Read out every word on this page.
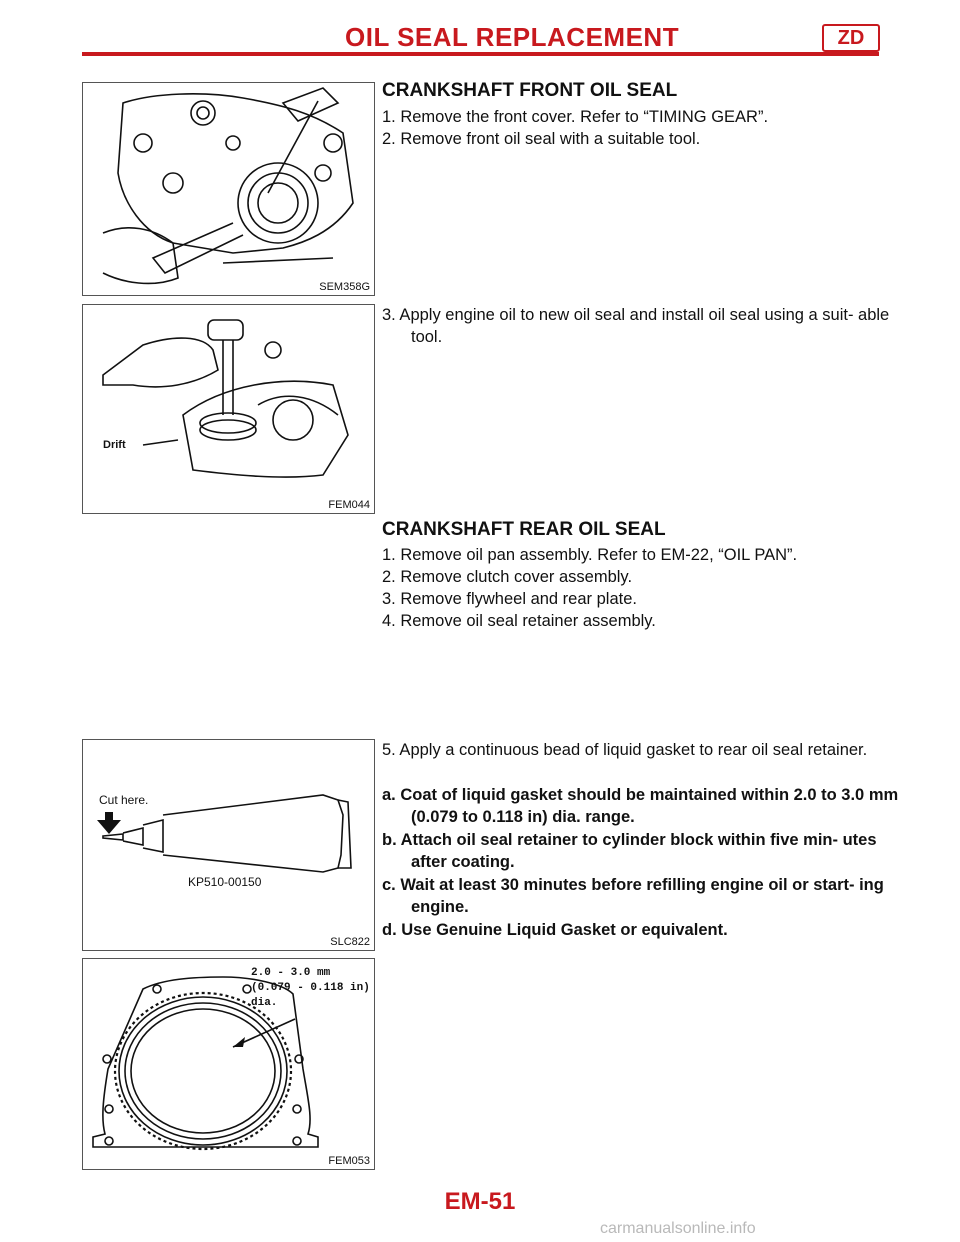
OIL SEAL REPLACEMENT	ZD
SEM358G
Drift
FEM044
Cut here.
KP510-00150
SLC822
2.0 - 3.0 mm
(0.079 - 0.118 in)
dia.
FEM053
CRANKSHAFT FRONT OIL SEAL
1. Remove the front cover. Refer to “TIMING GEAR”.
2. Remove front oil seal with a suitable tool.
3. Apply engine oil to new oil seal and install oil seal using a suit- able tool.
CRANKSHAFT REAR OIL SEAL
1. Remove oil pan assembly. Refer to EM-22, “OIL PAN”.
2. Remove clutch cover assembly.
3. Remove flywheel and rear plate.
4. Remove oil seal retainer assembly.
5. Apply a continuous bead of liquid gasket to rear oil seal retainer.
a. Coat of liquid gasket should be maintained within 2.0 to 3.0 mm (0.079 to 0.118 in) dia. range.
b. Attach oil seal retainer to cylinder block within five min- utes after coating.
c. Wait at least 30 minutes before refilling engine oil or start- ing engine.
d. Use Genuine Liquid Gasket or equivalent.
EM-51
carmanualsonline.info
